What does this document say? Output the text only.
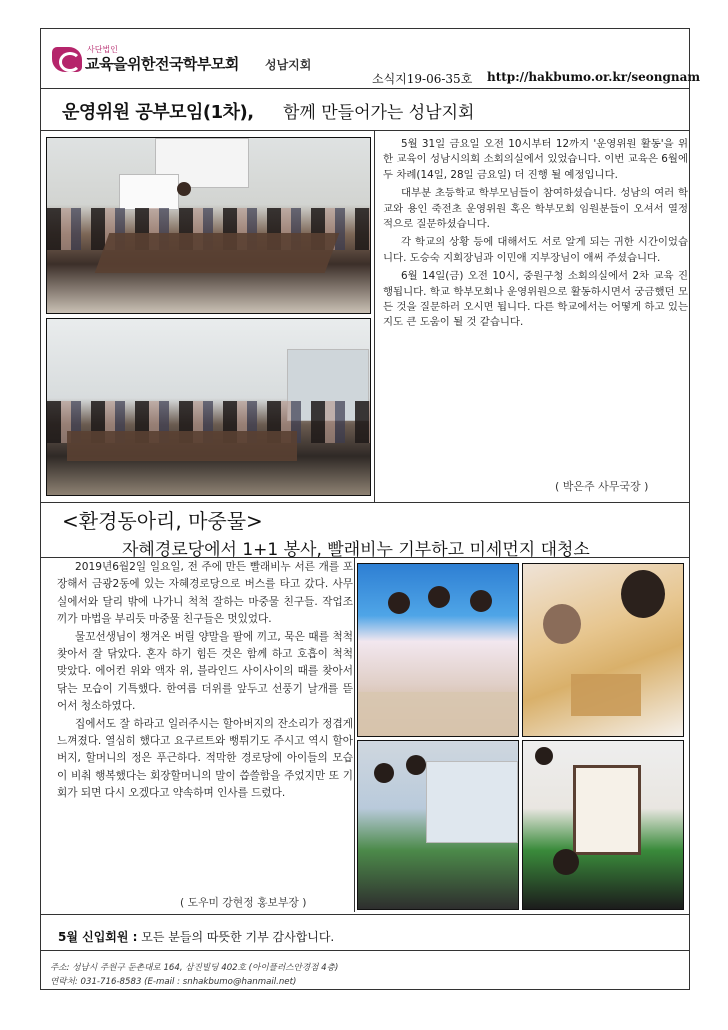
사단법인
교육을위한전국학부모회 성남지회
소식지19-06-35호 http://hakbumo.or.kr/seongnam
운영위원 공부모임(1차), 함께 만들어가는 성남지회

5월 31일 금요일 오전 10시부터 12까지 '운영위원 활동'을 위한 교육이 성남시의회 소회의실에서 있었습니다. 이번 교육은 6월에 두 차례(14일, 28일 금요일) 더 진행 될 예정입니다.

대부분 초등학교 학부모님들이 참여하셨습니다. 성남의 여러 학교와 용인 죽전초 운영위원 혹은 학부모회 임원분들이 오셔서 열정적으로 질문하셨습니다.

각 학교의 상황 등에 대해서도 서로 알게 되는 귀한 시간이었습니다. 도승숙 지회장님과 이민애 지부장님이 애써 주셨습니다.

6월 14일(금) 오전 10시, 중원구청 소회의실에서 2차 교육 진행됩니다. 학교 학부모회나 운영위원으로 활동하시면서 궁금했던 모든 것을 질문하러 오시면 됩니다. 다른 학교에서는 어떻게 하고 있는지도 큰 도움이 될 것 같습니다.

( 박은주 사무국장 )
<환경동아리, 마중물>
자혜경로당에서 1+1 봉사, 빨래비누 기부하고 미세먼지 대청소

2019년6월2일 일요일, 전 주에 만든 빨래비누 서른 개를 포장해서 금광2동에 있는 자혜경로당으로 버스를 타고 갔다. 사무실에서와 달리 밖에 나가니 척척 잘하는 마중물 친구들. 작업조끼가 마법을 부리듯 마중물 친구들은 멋있었다.

물꼬선생님이 챙겨온 버릴 양말을 팔에 끼고, 묵은 때를 척척 찾아서 잘 닦았다. 혼자 하기 힘든 것은 함께 하고 호흡이 척척 맞았다. 에어컨 위와 액자 위, 블라인드 사이사이의 때를 찾아서 닦는 모습이 기특했다. 한여름 더위를 앞두고 선풍기 날개를 뜯어서 청소하였다.

집에서도 잘 하라고 일러주시는 할아버지의 잔소리가 정겹게 느껴졌다. 열심히 했다고 요구르트와 뻥튀기도 주시고 역시 할아버지, 할머니의 정은 푸근하다. 적막한 경로당에 아이들의 모습이 비춰 행복했다는 회장할머니의 말이 씁쓸함을 주었지만 또 기회가 되면 다시 오겠다고 약속하며 인사를 드렸다.

( 도우미 강현정 홍보부장 )
5월 신입회원 : 모든 분들의 따뜻한 기부 감사합니다.
주소: 성남시 주원구 둔촌대로 164, 삼진빌딩 402호 (아이플러스안경점 4층)
연락처: 031-716-8583 (E-mail : snhakbumo@hanmail.net)
